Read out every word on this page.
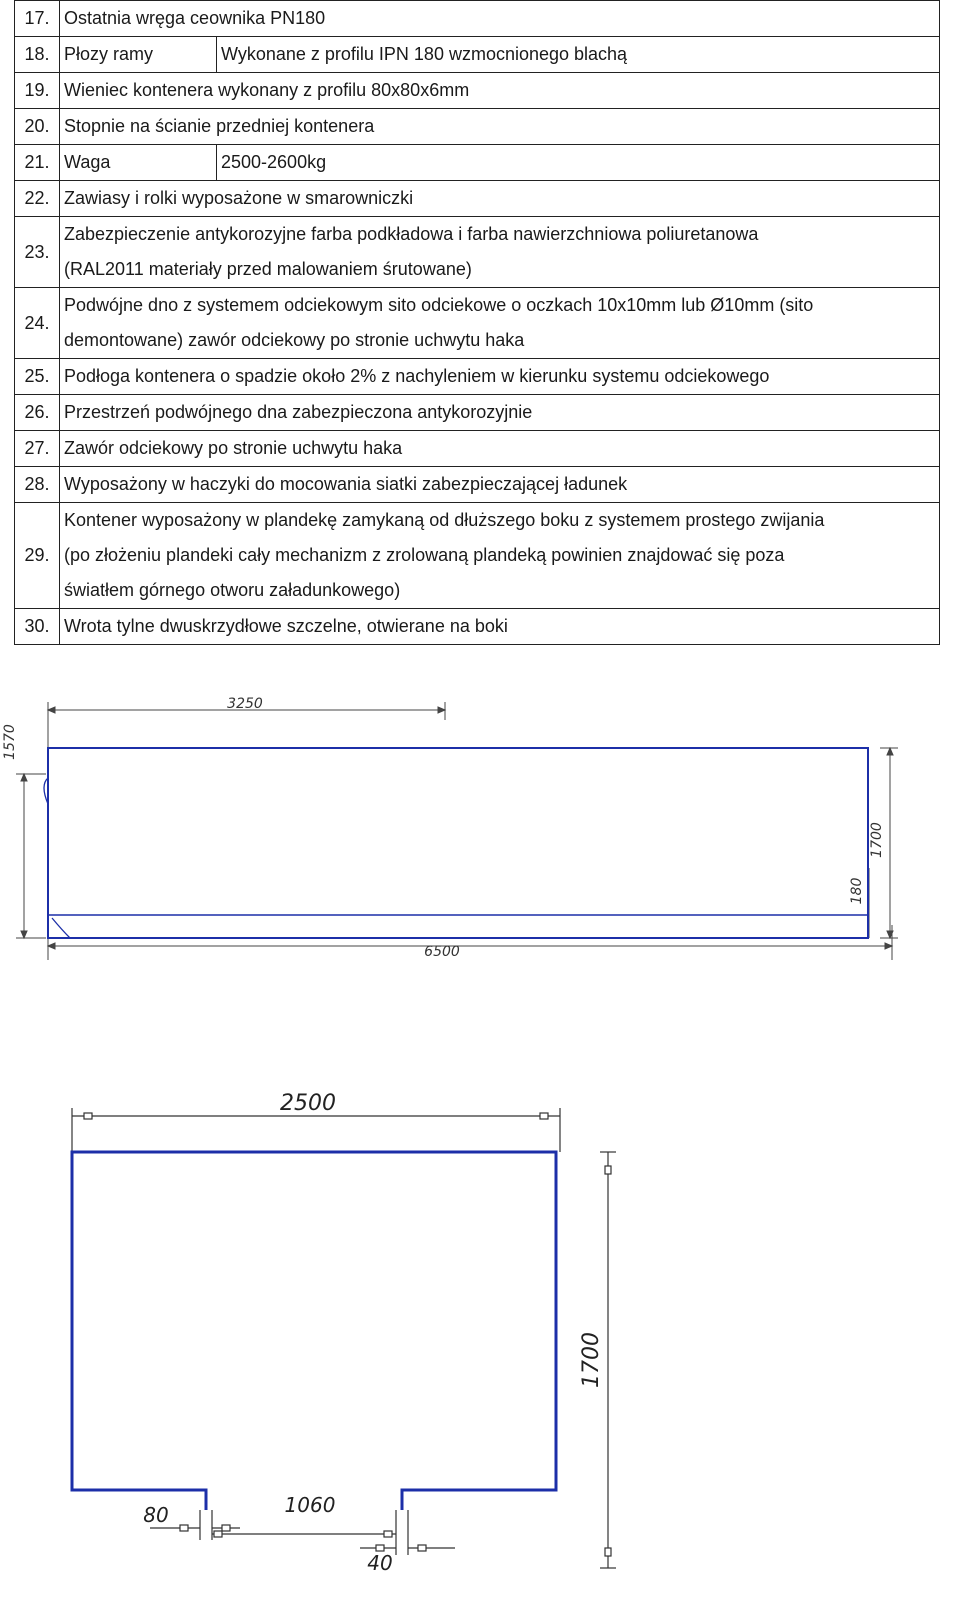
17.	Ostatnia wręga ceownika PN180	
18.	Płozy ramy	Wykonane z profilu IPN 180 wzmocnionego blachą
19.	Wieniec kontenera wykonany z profilu 80x80x6mm	
20.	Stopnie na ścianie przedniej kontenera	
21.	Waga	2500-2600kg
22.	Zawiasy i rolki wyposażone w smarowniczki	
23.	Zabezpieczenie antykorozyjne farba podkładowa i farba nawierzchniowa poliuretanowa
(RAL2011 materiały przed malowaniem śrutowane)	

24.	Podwójne dno z systemem odciekowym sito odciekowe o oczkach 10x10mm lub Ø10mm (sito
demontowane) zawór odciekowy po stronie uchwytu haka	

25.	Podłoga kontenera o spadzie około 2% z nachyleniem w kierunku systemu odciekowego	
26.	Przestrzeń podwójnego dna zabezpieczona antykorozyjnie	
27.	Zawór odciekowy po stronie uchwytu haka	
28.	Wyposażony w haczyki do mocowania siatki zabezpieczającej ładunek	
29.	Kontener wyposażony w plandekę zamykaną od dłuższego boku z systemem prostego zwijania
(po złożeniu plandeki cały mechanizm z zrolowaną plandeką powinien znajdować się poza
światłem górnego otworu załadunkowego)	

30.	Wrota tylne dwuskrzydłowe szczelne, otwierane na boki	
3250
6500
1570
1700
180
2500
1700
1060
80
40
